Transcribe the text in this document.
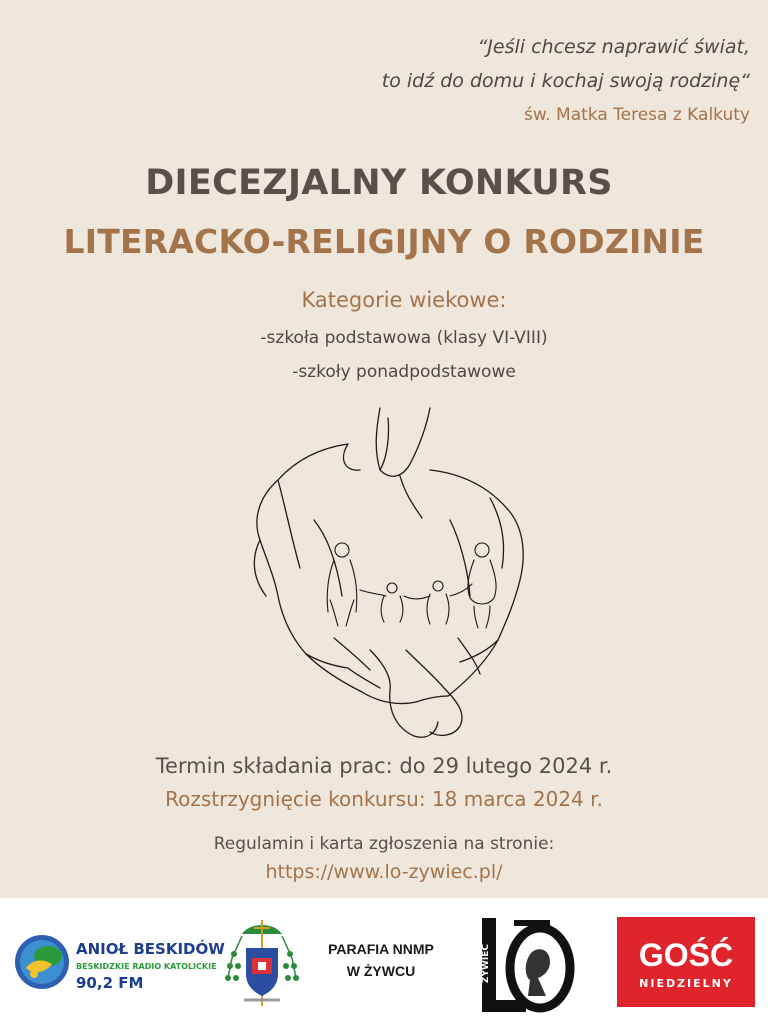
“Jeśli chcesz naprawić świat,
to idź do domu i kochaj swoją rodzinę“
św. Matka Teresa z Kalkuty
DIECEZJALNY KONKURS
LITERACKO-RELIGIJNY O RODZINIE
Kategorie wiekowe:
-szkoła podstawowa (klasy VI-VIII)
-szkoły ponadpodstawowe
Termin składania prac: do 29 lutego 2024 r.
Rozstrzygnięcie konkursu: 18 marca 2024 r.
Regulamin i karta zgłoszenia na stronie:
https://www.lo-zywiec.pl/
ANIOŁ BESKIDÓW
BESKIDZKIE RADIO KATOLICKIE
90,2 FM
PARAFIA NNMP
W ŻYWCU	ŻYWIEC	GOŚĆ
NIEDZIELNY
